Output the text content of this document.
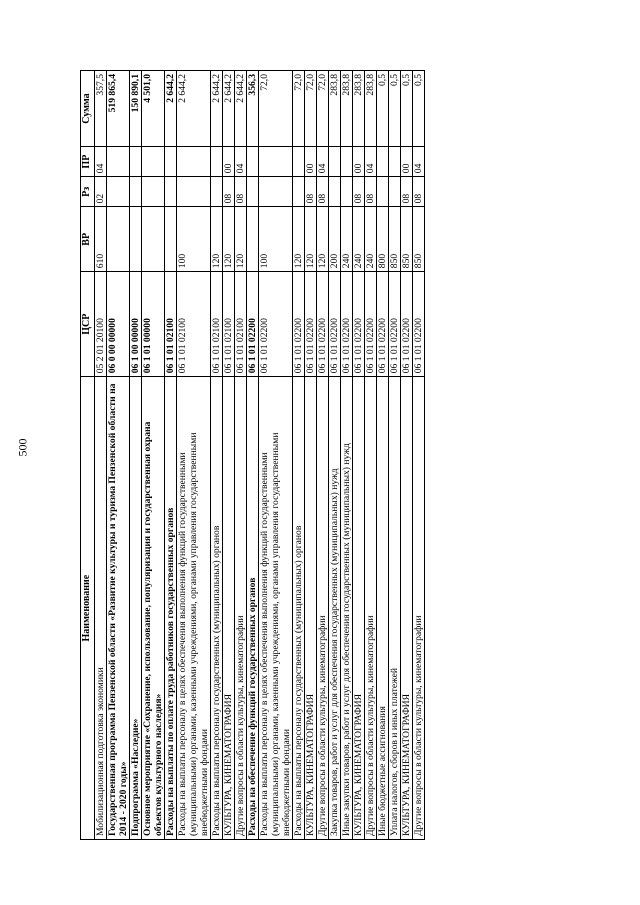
500
Наименование	ЦСР	ВР	Рз	ПР	Сумма
Мобилизационная подготовка экономики	05 2 01 20100	610	02	04	357,5
Государственная программа Пензенской области «Развитие культуры и туризма Пензенской области на 2014 - 2020 годы»	06 0 00 00000				519 865,4
Подпрограмма «Наследие»	06 1 00 00000				150 890,1
Основное мероприятие «Сохранение, использование, популяризация и государственная охрана объектов культурного наследия»	06 1 01 00000				4 501,0
Расходы на выплаты по оплате труда работников государственных органов	06 1 01 02100				2 644,2
Расходы на выплаты персоналу в целях обеспечения выполнения функций государственными (муниципальными) органами, казенными учреждениями, органами управления государственными внебюджетными фондами	06 1 01 02100	100			2 644,2
Расходы на выплаты персоналу государственных (муниципальных) органов	06 1 01 02100	120			2 644,2
КУЛЬТУРА, КИНЕМАТОГРАФИЯ	06 1 01 02100	120	08	00	2 644,2
Другие вопросы в области культуры, кинематографии	06 1 01 02100	120	08	04	2 644,2
Расходы на обеспечение функций государственных органов	06 1 01 02200				356,3
Расходы на выплаты персоналу в целях обеспечения выполнения функций государственными (муниципальными) органами, казенными учреждениями, органами управления государственными внебюджетными фондами	06 1 01 02200	100			72,0
Расходы на выплаты персоналу государственных (муниципальных) органов	06 1 01 02200	120			72,0
КУЛЬТУРА, КИНЕМАТОГРАФИЯ	06 1 01 02200	120	08	00	72,0
Другие вопросы в области культуры, кинематографии	06 1 01 02200	120	08	04	72,0
Закупка товаров, работ и услуг для обеспечения государственных (муниципальных) нужд	06 1 01 02200	200			283,8
Иные закупки товаров, работ и услуг для обеспечения государственных (муниципальных) нужд	06 1 01 02200	240			283,8
КУЛЬТУРА, КИНЕМАТОГРАФИЯ	06 1 01 02200	240	08	00	283,8
Другие вопросы в области культуры, кинематографии	06 1 01 02200	240	08	04	283,8
Иные бюджетные ассигнования	06 1 01 02200	800			0,5
Уплата налогов, сборов и иных платежей	06 1 01 02200	850			0,5
КУЛЬТУРА, КИНЕМАТОГРАФИЯ	06 1 01 02200	850	08	00	0,5
Другие вопросы в области культуры, кинематографии	06 1 01 02200	850	08	04	0,5
